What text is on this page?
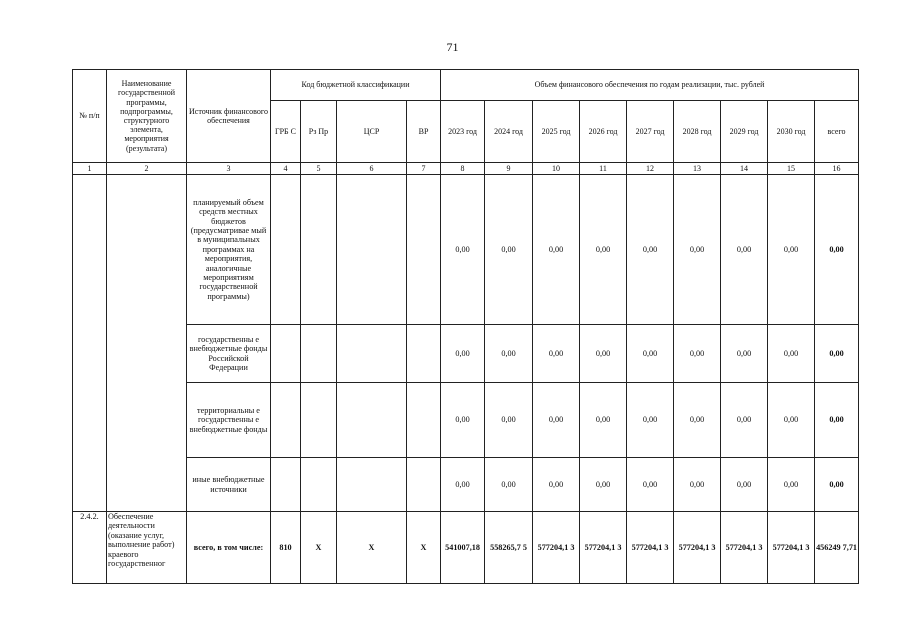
71
№ п/п	Наименование государственной программы, подпрограммы, структурного элемента, мероприятия (результата)	Источник финансового обеспечения	Код бюджетной классификации				Объем финансового обеспечения по годам реализации, тыс. рублей								
			ГРБ С	Рз Пр	ЦСР	ВР	2023 год	2024 год	2025 год	2026 год	2027 год	2028 год	2029 год	2030 год	всего
1	2	3	4	5	6	7	8	9	10	11	12	13	14	15	16
		планируемый объем средств местных бюджетов (предусматривае мый в муниципальных программах на мероприятия, аналогичные мероприятиям государственной программы)					0,00	0,00	0,00	0,00	0,00	0,00	0,00	0,00	0,00
		государственны е внебюджетные фонды Российской Федерации					0,00	0,00	0,00	0,00	0,00	0,00	0,00	0,00	0,00
		территориальны е государственны е внебюджетные фонды					0,00	0,00	0,00	0,00	0,00	0,00	0,00	0,00	0,00
		иные внебюджетные источники					0,00	0,00	0,00	0,00	0,00	0,00	0,00	0,00	0,00
2.4.2.	Обеспечение деятельности (оказание услуг, выполнение работ) краевого государственног	всего, в том числе:	810	Х	Х	Х	541007,18	558265,7 5	577204,1 3	577204,1 3	577204,1 3	577204,1 3	577204,1 3	577204,1 3	456249 7,71
